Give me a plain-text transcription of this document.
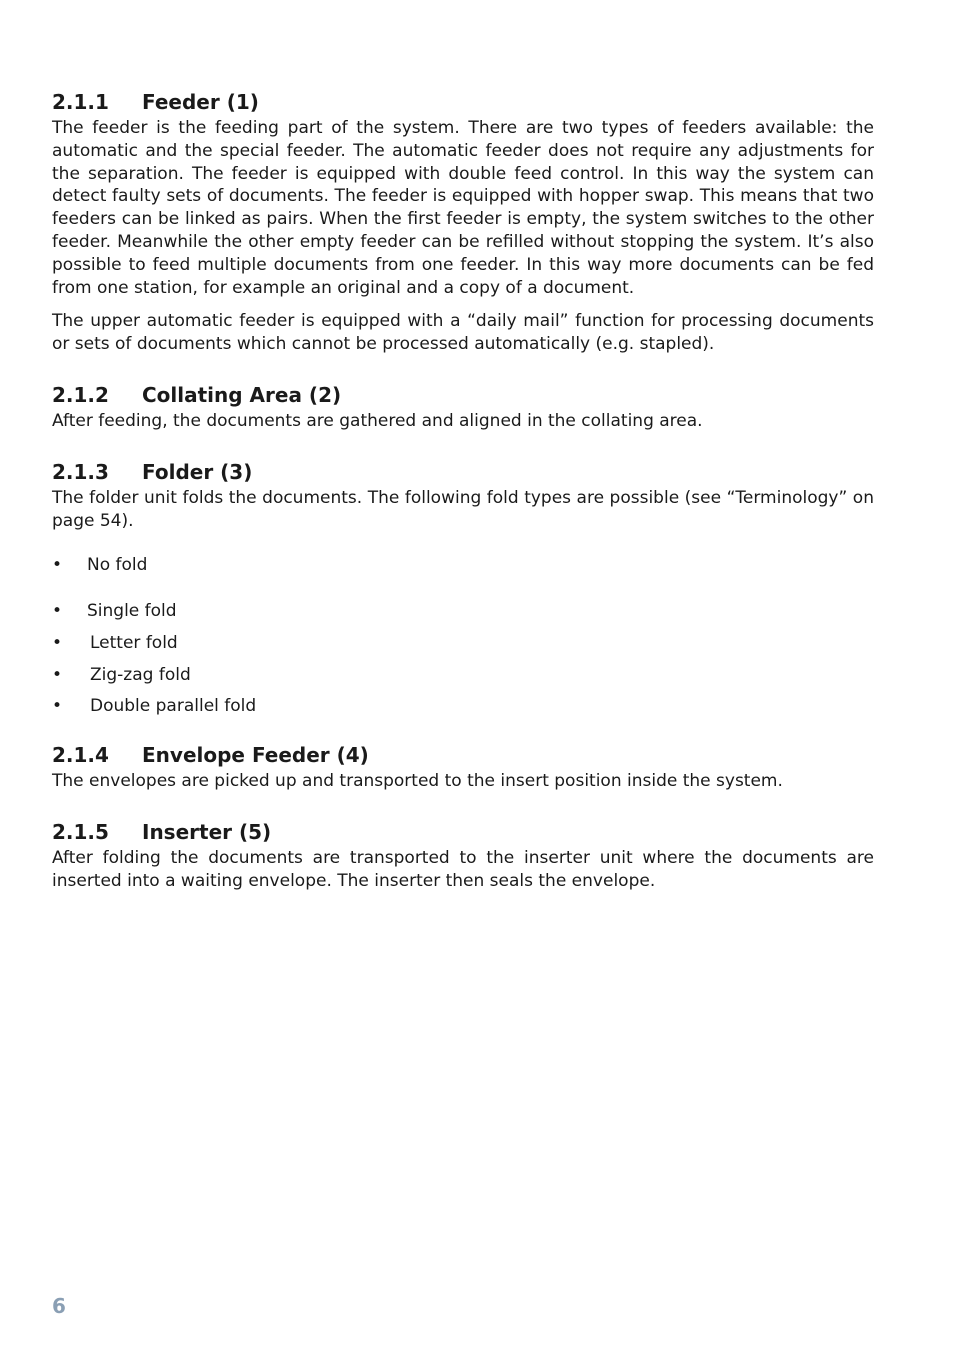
2.1.1	Feeder (1)

The feeder is the feeding part of the system. There are two types of feeders available: the automatic and the special feeder. The automatic feeder does not require any adjustments for the separation. The feeder is equipped with double feed control. In this way the system can detect faulty sets of documents. The feeder is equipped with hopper swap. This means that two feeders can be linked as pairs. When the first feeder is empty, the system switches to the other feeder. Meanwhile the other empty feeder can be refilled without stopping the system. It’s also possible to feed multiple documents from one feeder. In this way more documents can be fed from one station, for example an original and a copy of a document.

The upper automatic feeder is equipped with a “daily mail” function for processing documents or sets of documents which cannot be processed automatically (e.g. stapled).

2.1.2	Collating Area (2)

After feeding, the documents are gathered and aligned in the collating area.

2.1.3	Folder (3)

The folder unit folds the documents. The following fold types are possible (see “Terminology” on page 54).

•	No fold
•	Single fold
•	Letter fold
•	Zig-zag fold
•	Double parallel fold
2.1.4	Envelope Feeder (4)

The envelopes are picked up and transported to the insert position inside the system.

2.1.5	Inserter (5)

After folding the documents are transported to the inserter unit where the documents are inserted into a waiting envelope. The inserter then seals the envelope.

6
